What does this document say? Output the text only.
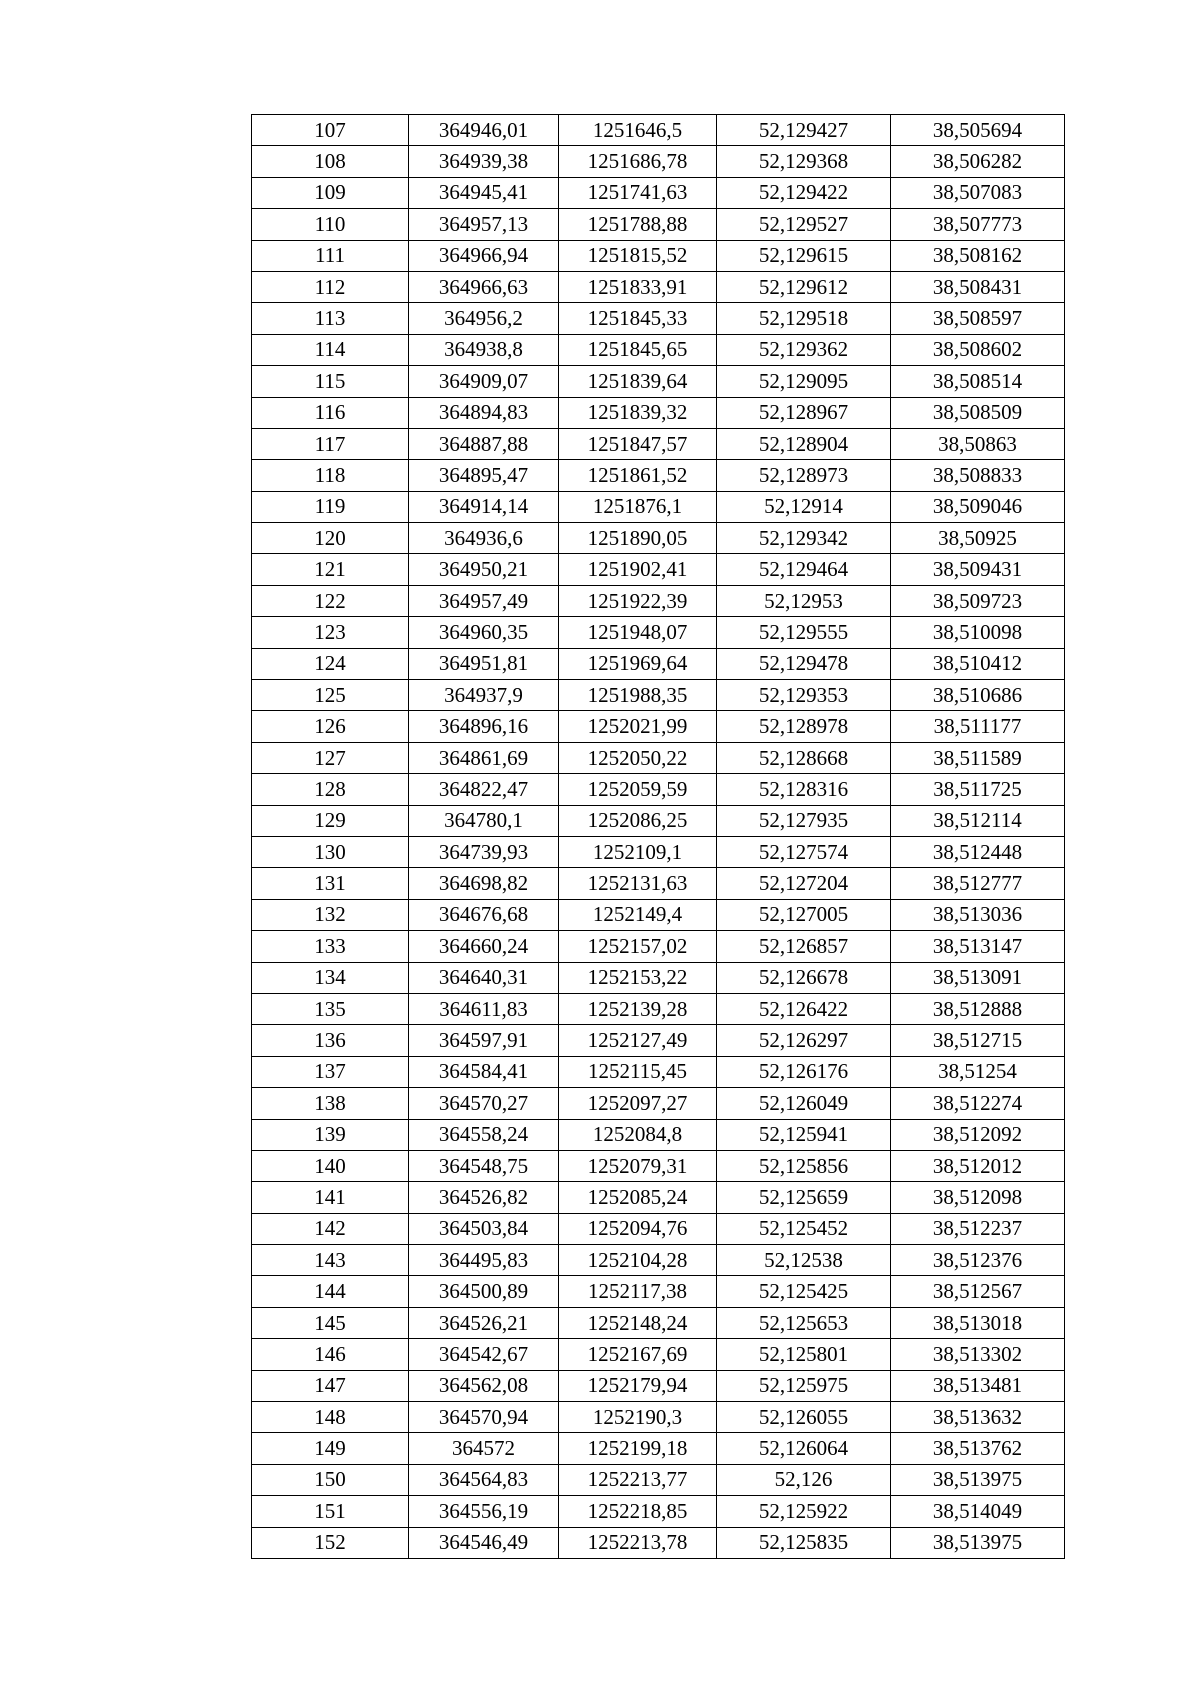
107	364946,01	1251646,5	52,129427	38,505694
108	364939,38	1251686,78	52,129368	38,506282
109	364945,41	1251741,63	52,129422	38,507083
110	364957,13	1251788,88	52,129527	38,507773
111	364966,94	1251815,52	52,129615	38,508162
112	364966,63	1251833,91	52,129612	38,508431
113	364956,2	1251845,33	52,129518	38,508597
114	364938,8	1251845,65	52,129362	38,508602
115	364909,07	1251839,64	52,129095	38,508514
116	364894,83	1251839,32	52,128967	38,508509
117	364887,88	1251847,57	52,128904	38,50863
118	364895,47	1251861,52	52,128973	38,508833
119	364914,14	1251876,1	52,12914	38,509046
120	364936,6	1251890,05	52,129342	38,50925
121	364950,21	1251902,41	52,129464	38,509431
122	364957,49	1251922,39	52,12953	38,509723
123	364960,35	1251948,07	52,129555	38,510098
124	364951,81	1251969,64	52,129478	38,510412
125	364937,9	1251988,35	52,129353	38,510686
126	364896,16	1252021,99	52,128978	38,511177
127	364861,69	1252050,22	52,128668	38,511589
128	364822,47	1252059,59	52,128316	38,511725
129	364780,1	1252086,25	52,127935	38,512114
130	364739,93	1252109,1	52,127574	38,512448
131	364698,82	1252131,63	52,127204	38,512777
132	364676,68	1252149,4	52,127005	38,513036
133	364660,24	1252157,02	52,126857	38,513147
134	364640,31	1252153,22	52,126678	38,513091
135	364611,83	1252139,28	52,126422	38,512888
136	364597,91	1252127,49	52,126297	38,512715
137	364584,41	1252115,45	52,126176	38,51254
138	364570,27	1252097,27	52,126049	38,512274
139	364558,24	1252084,8	52,125941	38,512092
140	364548,75	1252079,31	52,125856	38,512012
141	364526,82	1252085,24	52,125659	38,512098
142	364503,84	1252094,76	52,125452	38,512237
143	364495,83	1252104,28	52,12538	38,512376
144	364500,89	1252117,38	52,125425	38,512567
145	364526,21	1252148,24	52,125653	38,513018
146	364542,67	1252167,69	52,125801	38,513302
147	364562,08	1252179,94	52,125975	38,513481
148	364570,94	1252190,3	52,126055	38,513632
149	364572	1252199,18	52,126064	38,513762
150	364564,83	1252213,77	52,126	38,513975
151	364556,19	1252218,85	52,125922	38,514049
152	364546,49	1252213,78	52,125835	38,513975
